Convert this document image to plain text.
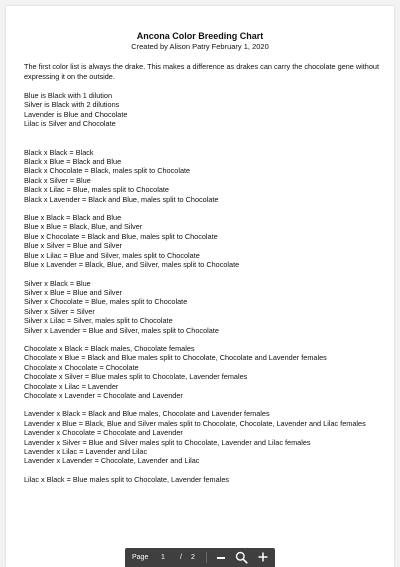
Ancona Color Breeding Chart
Created by Alison Patry February 1, 2020

The first color list is always the drake. This makes a difference as drakes can carry the chocolate gene without expressing it on the outside.

Blue is Black with 1 dilution
Silver is Black with 2 dilutions
Lavender is Blue and Chocolate
Lilac is Silver and Chocolate
Black x Black = Black
Black x Blue = Black and Blue
Black x Chocolate = Black, males split to Chocolate
Black x Silver = Blue
Black x Lilac = Blue, males split to Chocolate
Black x Lavender = Black and Blue, males split to Chocolate
Blue x Black = Black and Blue
Blue x Blue = Black, Blue, and Silver
Blue x Chocolate = Black and Blue, males split to Chocolate
Blue x Silver = Blue and Silver
Blue x Lilac = Blue and Silver, males split to Chocolate
Blue x Lavender = Black, Blue, and Silver, males split to Chocolate
Silver x Black = Blue
Silver x Blue = Blue and Silver
Silver x Chocolate = Blue, males split to Chocolate
Silver x Silver = Silver
Silver x Lilac = Silver, males split to Chocolate
Silver x Lavender = Blue and Silver, males split to Chocolate
Chocolate x Black = Black males, Chocolate females
Chocolate x Blue = Black and Blue males split to Chocolate, Chocolate and Lavender females
Chocolate x Chocolate = Chocolate
Chocolate x Silver = Blue males split to Chocolate, Lavender females
Chocolate x Lilac = Lavender
Chocolate x Lavender = Chocolate and Lavender
Lavender x Black = Black and Blue males, Chocolate and Lavender females
Lavender x Blue = Black, Blue and Silver males split to Chocolate, Chocolate, Lavender and Lilac females
Lavender x Chocolate = Chocolate and Lavender
Lavender x Silver = Blue and Silver males split to Chocolate, Lavender and Lilac females
Lavender x Lilac = Lavender and Lilac
Lavender x Lavender = Chocolate, Lavender and Lilac
Lilac x Black = Blue males split to Chocolate, Lavender females
Page 1 / 2
